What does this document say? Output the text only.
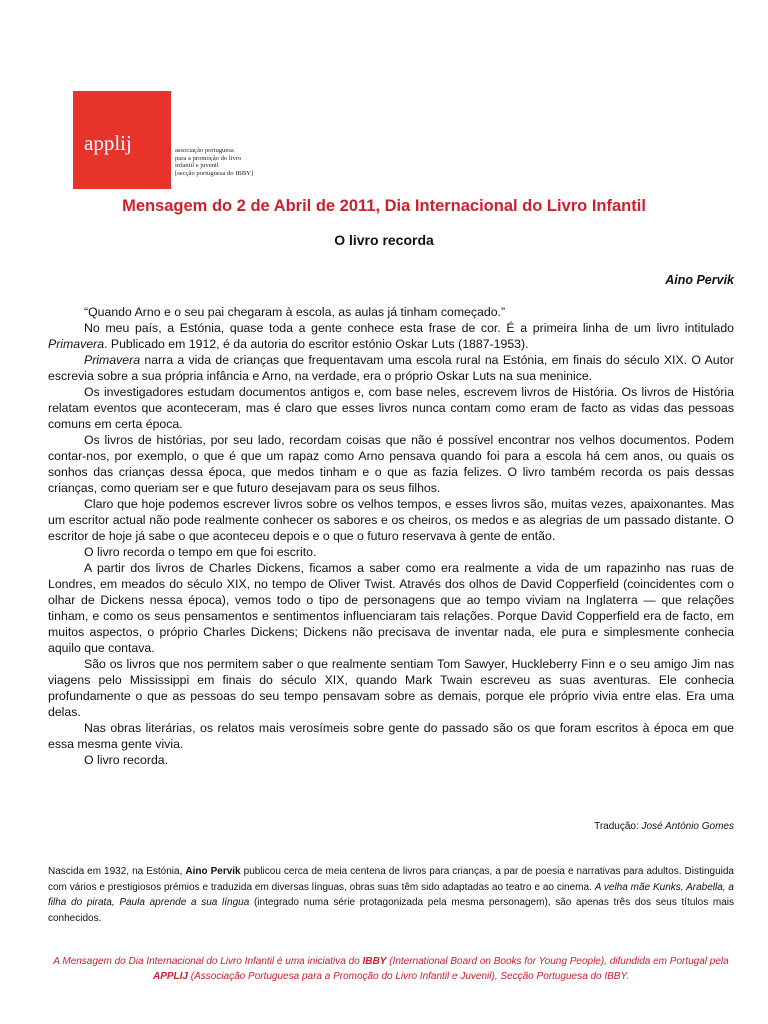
applij	associação portuguesa
para a promoção do livro
infantil e juvenil
[secção portuguesa do IBBY]
Mensagem do 2 de Abril de 2011, Dia Internacional do Livro Infantil
O livro recorda
Aino Pervik

“Quando Arno e o seu pai chegaram à escola, as aulas já tinham começado.”

No meu país, a Estónia, quase toda a gente conhece esta frase de cor. É a primeira linha de um livro intitulado Primavera. Publicado em 1912, é da autoria do escritor estónio Oskar Luts (1887-1953).

Primavera narra a vida de crianças que frequentavam uma escola rural na Estónia, em finais do século XIX. O Autor escrevia sobre a sua própria infância e Arno, na verdade, era o próprio Oskar Luts na sua meninice.

Os investigadores estudam documentos antigos e, com base neles, escrevem livros de História. Os livros de História relatam eventos que aconteceram, mas é claro que esses livros nunca contam como eram de facto as vidas das pessoas comuns em certa época.

Os livros de histórias, por seu lado, recordam coisas que não é possível encontrar nos velhos documentos. Podem contar-nos, por exemplo, o que é que um rapaz como Arno pensava quando foi para a escola há cem anos, ou quais os sonhos das crianças dessa época, que medos tinham e o que as fazia felizes. O livro também recorda os pais dessas crianças, como queriam ser e que futuro desejavam para os seus filhos.

Claro que hoje podemos escrever livros sobre os velhos tempos, e esses livros são, muitas vezes, apaixonantes. Mas um escritor actual não pode realmente conhecer os sabores e os cheiros, os medos e as alegrias de um passado distante. O escritor de hoje já sabe o que aconteceu depois e o que o futuro reservava à gente de então.

O livro recorda o tempo em que foi escrito.

A partir dos livros de Charles Dickens, ficamos a saber como era realmente a vida de um rapazinho nas ruas de Londres, em meados do século XIX, no tempo de Oliver Twist. Através dos olhos de David Copperfield (coincidentes com o olhar de Dickens nessa época), vemos todo o tipo de personagens que ao tempo viviam na Inglaterra — que relações tinham, e como os seus pensamentos e sentimentos influenciaram tais relações. Porque David Copperfield era de facto, em muitos aspectos, o próprio Charles Dickens; Dickens não precisava de inventar nada, ele pura e simplesmente conhecia aquilo que contava.

São os livros que nos permitem saber o que realmente sentiam Tom Sawyer, Huckleberry Finn e o seu amigo Jim nas viagens pelo Mississippi em finais do século XIX, quando Mark Twain escreveu as suas aventuras. Ele conhecia profundamente o que as pessoas do seu tempo pensavam sobre as demais, porque ele próprio vivia entre elas. Era uma delas.

Nas obras literárias, os relatos mais verosímeis sobre gente do passado são os que foram escritos à época em que essa mesma gente vivia.

O livro recorda.

Tradução: José António Gomes

Nascida em 1932, na Estónia, Aino Pervik publicou cerca de meia centena de livros para crianças, a par de poesia e narrativas para adultos. Distinguida com vários e prestigiosos prémios e traduzida em diversas línguas, obras suas têm sido adaptadas ao teatro e ao cinema. A velha mãe Kunks, Arabella, a filha do pirata, Paula aprende a sua língua (integrado numa série protagonizada pela mesma personagem), são apenas três dos seus títulos mais conhecidos.

A Mensagem do Dia Internacional do Livro Infantil é uma iniciativa do IBBY (International Board on Books for Young People), difundida em Portugal pela APPLIJ (Associação Portuguesa para a Promoção do Livro Infantil e Juvenil), Secção Portuguesa do IBBY.
